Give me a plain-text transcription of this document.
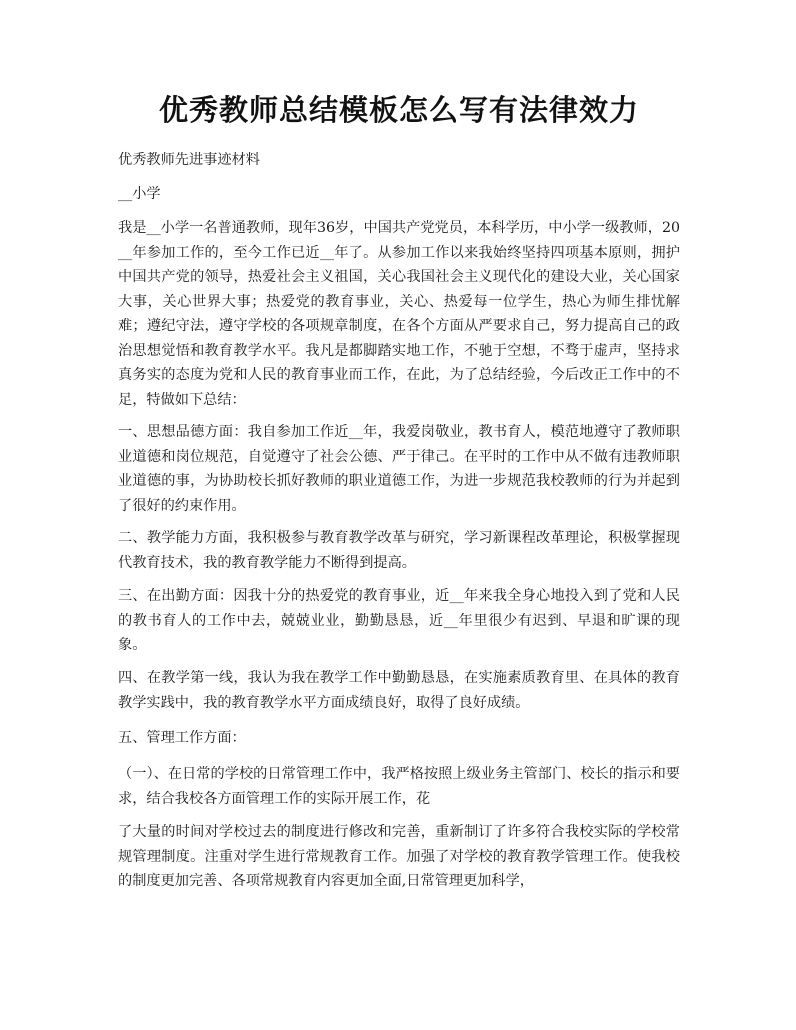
优秀教师总结模板怎么写有法律效力

优秀教师先进事迹材料

__小学

我是__小学一名普通教师，现年36岁，中国共产党党员，本科学历，中小学一级教师，20__年参加工作的，至今工作已近__年了。从参加工作以来我始终坚持四项基本原则，拥护中国共产党的领导，热爱社会主义祖国，关心我国社会主义现代化的建设大业，关心国家大事，关心世界大事；热爱党的教育事业，关心、热爱每一位学生，热心为师生排忧解难；遵纪守法，遵守学校的各项规章制度，在各个方面从严要求自己，努力提高自己的政治思想觉悟和教育教学水平。我凡是都脚踏实地工作，不驰于空想，不骛于虚声，坚持求真务实的态度为党和人民的教育事业而工作，在此，为了总结经验，今后改正工作中的不足，特做如下总结：

一、思想品德方面：我自参加工作近__年，我爱岗敬业，教书育人，模范地遵守了教师职业道德和岗位规范，自觉遵守了社会公德、严于律己。在平时的工作中从不做有违教师职业道德的事，为协助校长抓好教师的职业道德工作，为进一步规范我校教师的行为并起到了很好的约束作用。

二、教学能力方面，我积极参与教育教学改革与研究，学习新课程改革理论，积极掌握现代教育技术，我的教育教学能力不断得到提高。

三、在出勤方面：因我十分的热爱党的教育事业，近__年来我全身心地投入到了党和人民的教书育人的工作中去，兢兢业业，勤勤恳恳，近__年里很少有迟到、早退和旷课的现象。

四、在教学第一线，我认为我在教学工作中勤勤恳恳，在实施素质教育里、在具体的教育教学实践中，我的教育教学水平方面成绩良好，取得了良好成绩。

五、管理工作方面：

（一）、在日常的学校的日常管理工作中，我严格按照上级业务主管部门、校长的指示和要求，结合我校各方面管理工作的实际开展工作，花

了大量的时间对学校过去的制度进行修改和完善，重新制订了许多符合我校实际的学校常规管理制度。注重对学生进行常规教育工作。加强了对学校的教育教学管理工作。使我校的制度更加完善、各项常规教育内容更加全面,日常管理更加科学，
